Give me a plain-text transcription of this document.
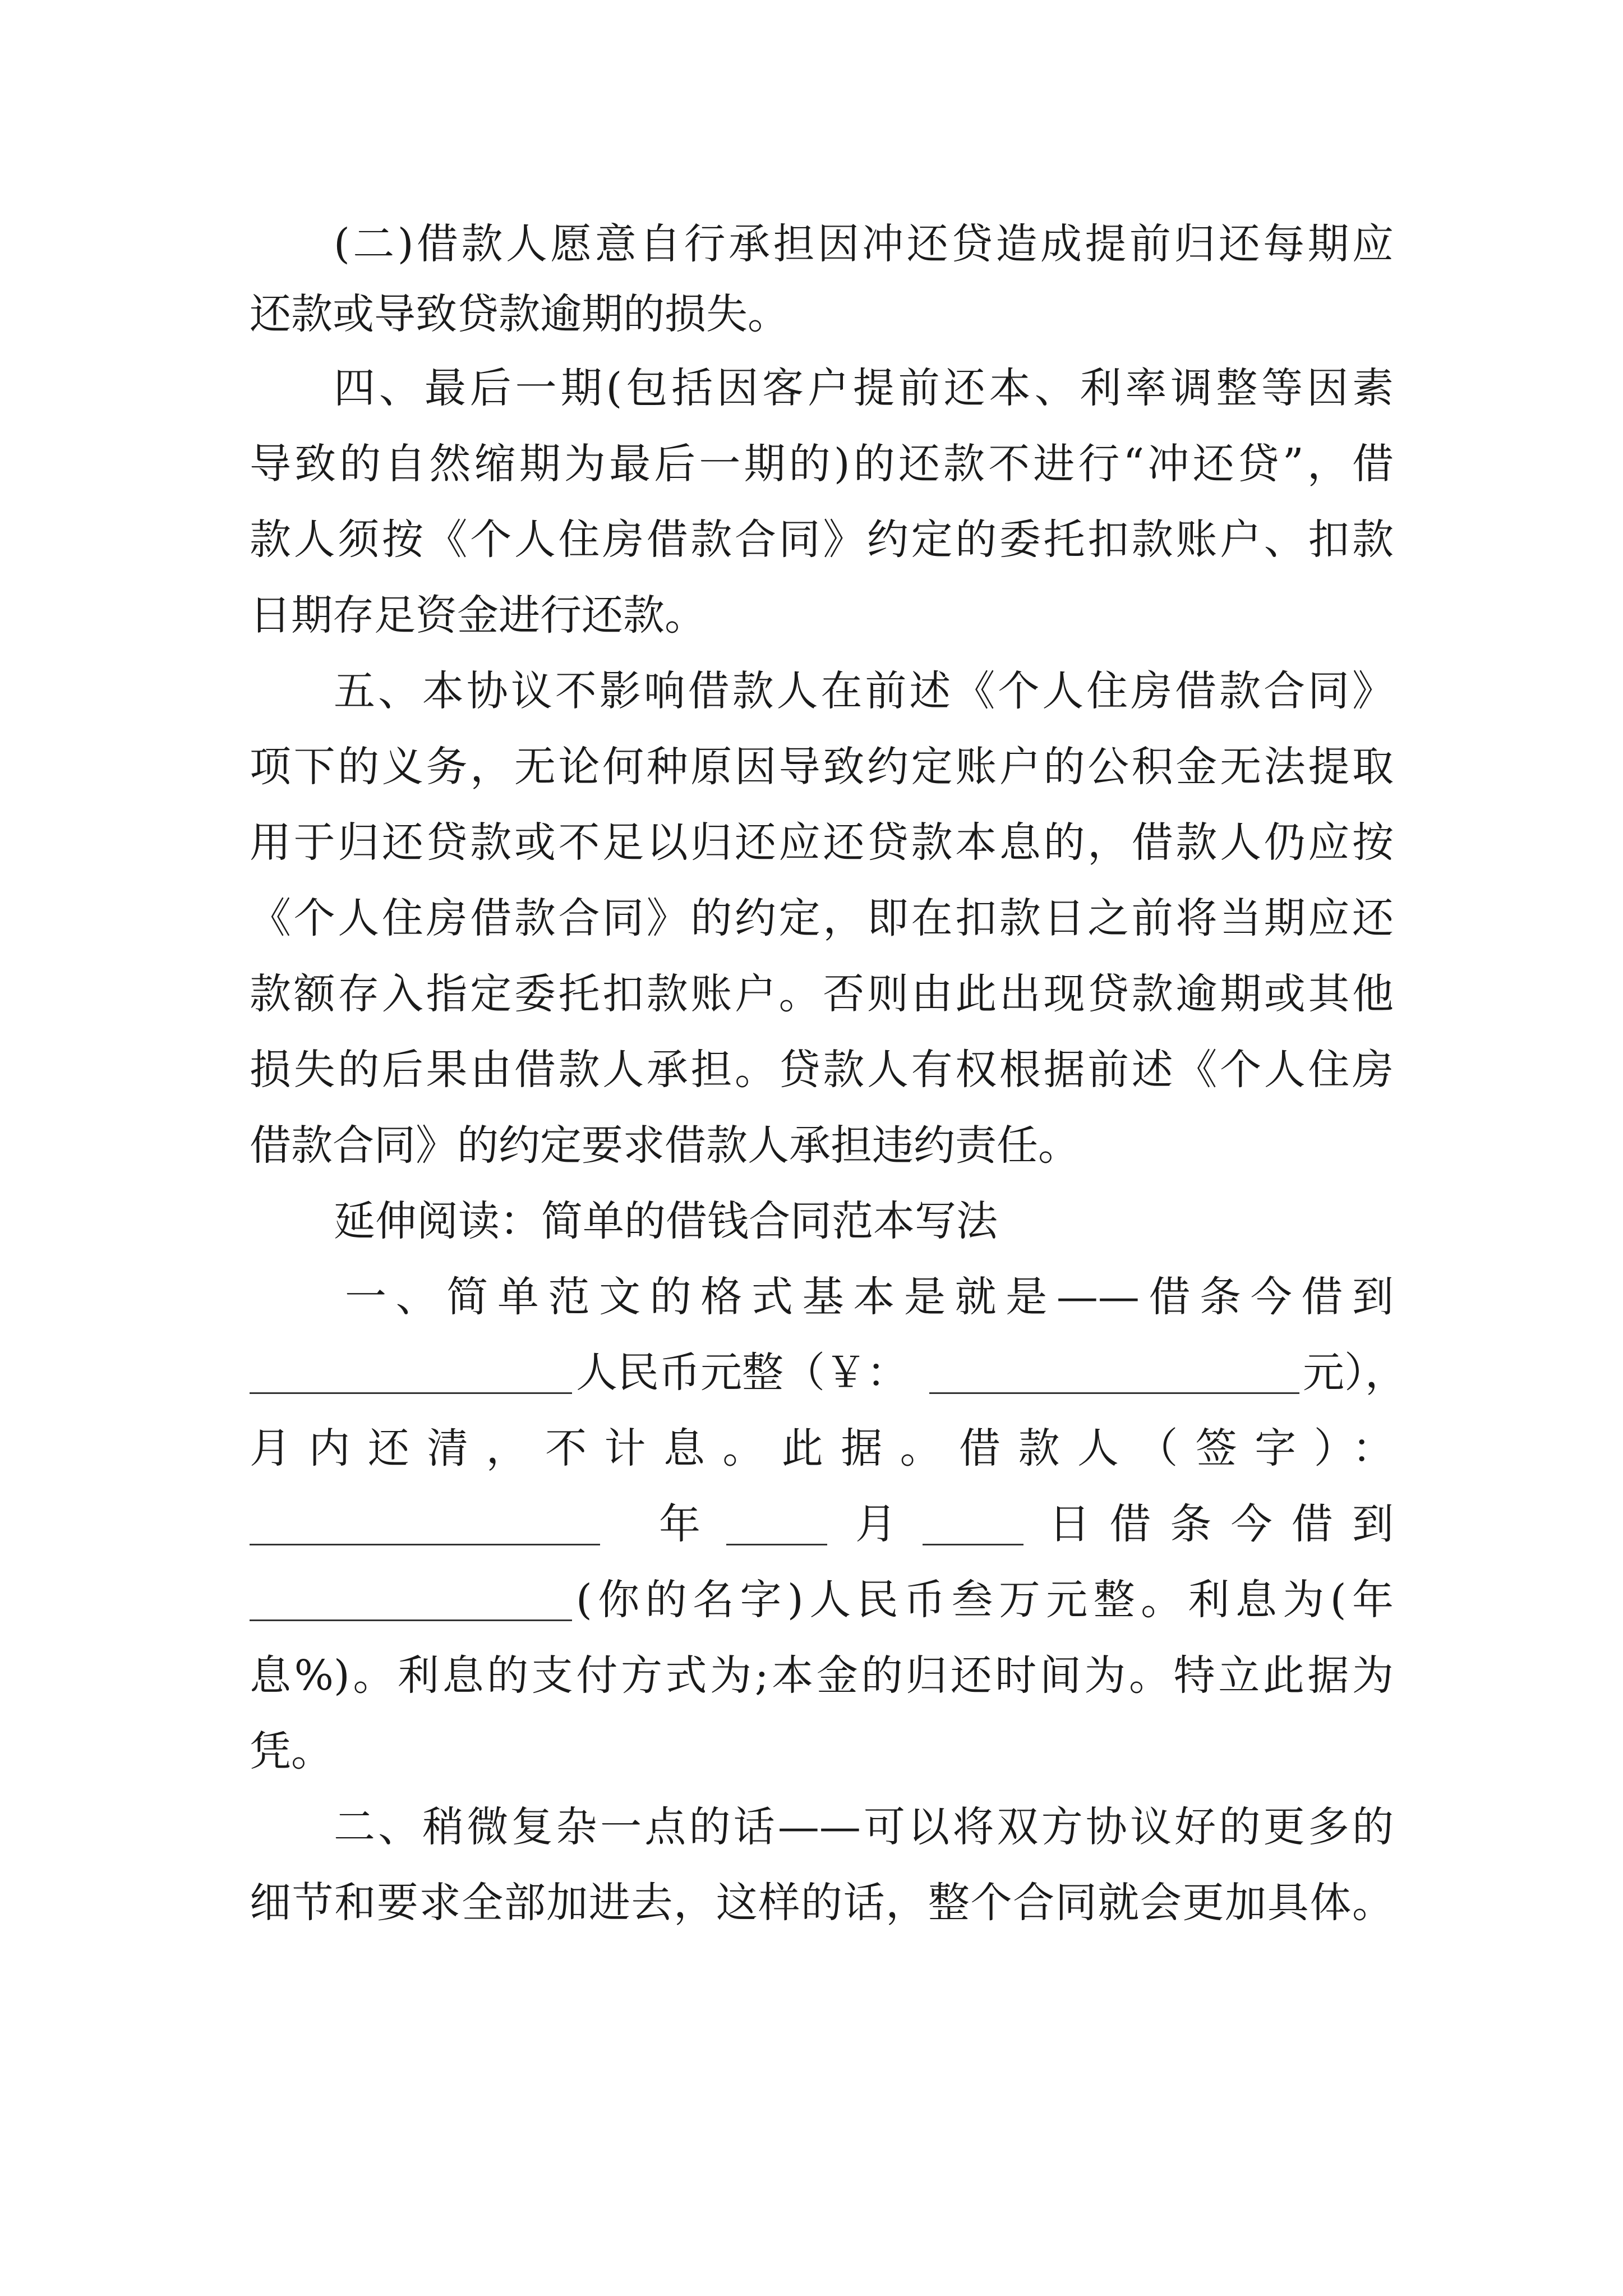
(二)借款人愿意自行承担因冲还贷造成提前归还每期应
还款或导致贷款逾期的损失。
四、最后一期(包括因客户提前还本、利率调整等因素
导致的自然缩期为最后一期的)的还款不进行“冲还贷”，借
款人须按《个人住房借款合同》约定的委托扣款账户、扣款
日期存足资金进行还款。
五、本协议不影响借款人在前述《个人住房借款合同》
项下的义务，无论何种原因导致约定账户的公积金无法提取
用于归还贷款或不足以归还应还贷款本息的，借款人仍应按
《个人住房借款合同》的约定，即在扣款日之前将当期应还
款额存入指定委托扣款账户。否则由此出现贷款逾期或其他
损失的后果由借款人承担。贷款人有权根据前述《个人住房
借款合同》的约定要求借款人承担违约责任。
延伸阅读：简单的借钱合同范本写法
一、简单范文的格式基本是就是——借条今借到
人民币元整（￥：	元），
月内还清，不计息。此据。借款人（签字）：
年	月	日借条今借到
(你的名字)人民币叁万元整。利息为(年
息%)。利息的支付方式为;本金的归还时间为。特立此据为
凭。
二、稍微复杂一点的话——可以将双方协议好的更多的
细节和要求全部加进去，这样的话，整个合同就会更加具体。
